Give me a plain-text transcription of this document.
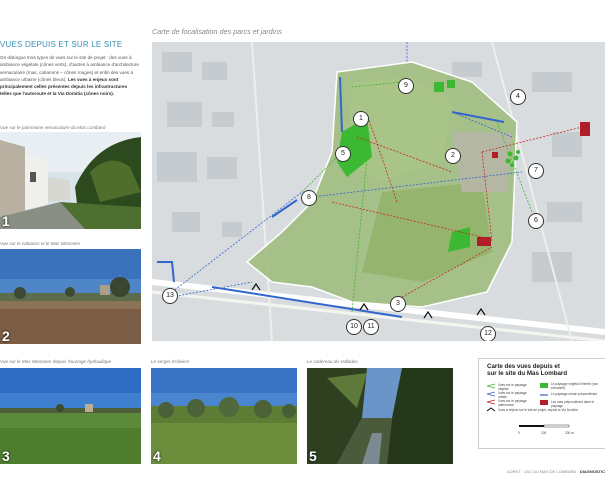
VUES DEPUIS ET SUR LE SITE
On distingue trois types de vues sur le site de projet : des vues à ambiance végétale (cônes verts), d'autres à ambiance d'architecture vernaculaire (mas, cabanons – cônes rouges) et enfin des vues à ambiance urbaine (cônes bleus). Les vues à enjeux sont principalement celles présentes depuis les infrastructures telles que l'autoroute et la Via Domitia (cônes noirs).
Vue sur le patrimoine vernaculaire du Mas Lombard
1
Vue sur le cabanon et le Mas Missonier
2
Vue sur le Mas Missonier depuis l'ouvrage hydraulique
3
Le verger d'oliviers
4
Le cadereau du Valladas
5
Carte de focalisation des parcs et jardins
1
2
3
4
5
6
7
8
9
10	11
12
13
Carte des vues depuis et
sur le site du Mas Lombard
Vues sur le paysage végétal
Vues sur le paysage urbain
Vues sur le paysage patrimonial
Vues à enjeux sur le site de projet, depuis la Via Domitia
Le paysage végétal d'intérêt (non exhaustif)
Le paysage urbain prépondérant
Les mas prépondérant dans le paysage
0	100	200 m
ADRET · ZAC DU MAS DE LOMBARD · DIAGNOSTIC
